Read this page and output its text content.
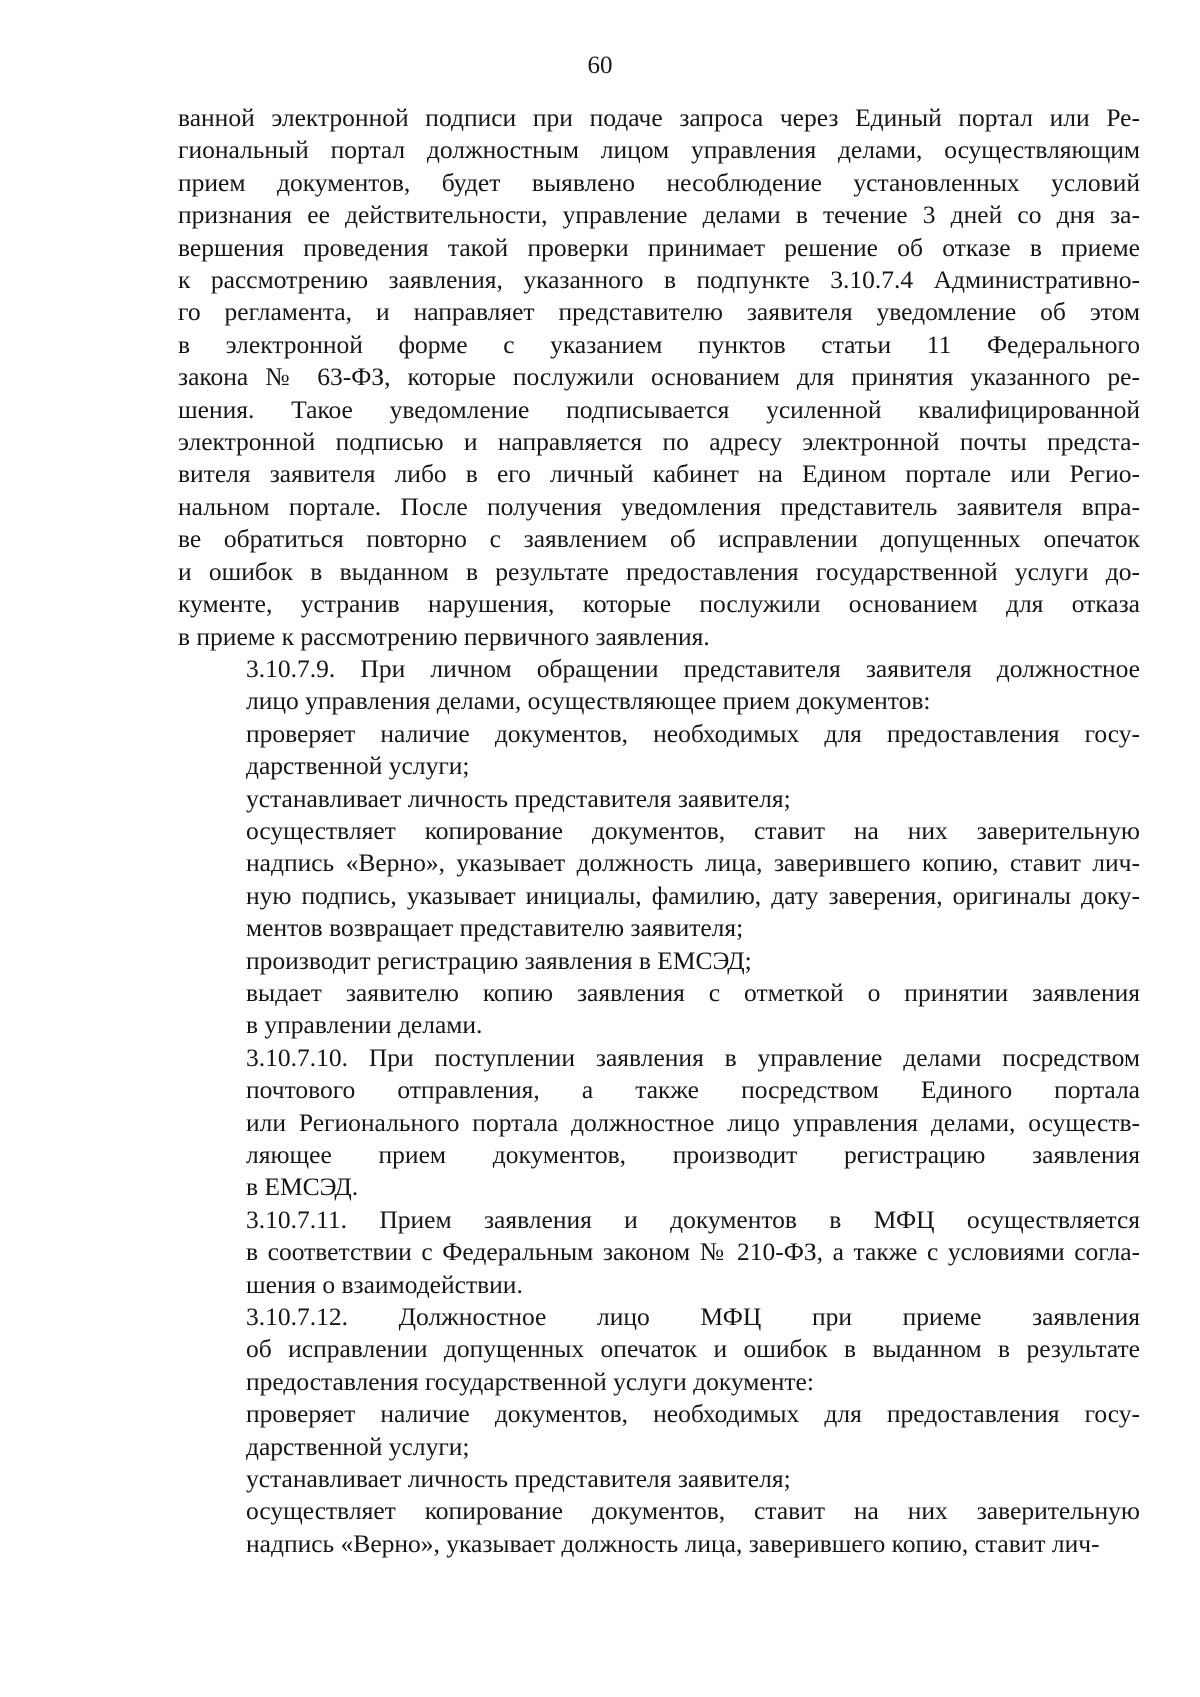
60

ванной электронной подписи при подаче запроса через Единый портал или Ре-
гиональный портал должностным лицом управления делами, осуществляющим
прием документов, будет выявлено несоблюдение установленных условий
признания ее действительности, управление делами в течение 3 дней со дня за-
вершения проведения такой проверки принимает решение об отказе в приеме
к рассмотрению заявления, указанного в подпункте 3.10.7.4 Административно-
го регламента, и направляет представителю заявителя уведомление об этом
в электронной форме с указанием пунктов статьи 11 Федерального
закона № 63-ФЗ, которые послужили основанием для принятия указанного ре-
шения. Такое уведомление подписывается усиленной квалифицированной
электронной подписью и направляется по адресу электронной почты предста-
вителя заявителя либо в его личный кабинет на Едином портале или Регио-
нальном портале. После получения уведомления представитель заявителя впра-
ве обратиться повторно с заявлением об исправлении допущенных опечаток
и ошибок в выданном в результате предоставления государственной услуги до-
кументе, устранив нарушения, которые послужили основанием для отказа
в приеме к рассмотрению первичного заявления.

3.10.7.9. При личном обращении представителя заявителя должностное
лицо управления делами, осуществляющее прием документов:

проверяет наличие документов, необходимых для предоставления госу-
дарственной услуги;

устанавливает личность представителя заявителя;

осуществляет копирование документов, ставит на них заверительную
надпись «Верно», указывает должность лица, заверившего копию, ставит лич-
ную подпись, указывает инициалы, фамилию, дату заверения, оригиналы доку-
ментов возвращает представителю заявителя;

производит регистрацию заявления в ЕМСЭД;

выдает заявителю копию заявления с отметкой о принятии заявления
в управлении делами.

3.10.7.10. При поступлении заявления в управление делами посредством
почтового отправления, а также посредством Единого портала
или Регионального портала должностное лицо управления делами, осуществ-
ляющее прием документов, производит регистрацию заявления
в ЕМСЭД.

3.10.7.11. Прием заявления и документов в МФЦ осуществляется
в соответствии с Федеральным законом № 210-ФЗ, а также с условиями согла-
шения о взаимодействии.

3.10.7.12. Должностное лицо МФЦ при приеме заявления
об исправлении допущенных опечаток и ошибок в выданном в результате
предоставления государственной услуги документе:

проверяет наличие документов, необходимых для предоставления госу-
дарственной услуги;

устанавливает личность представителя заявителя;

осуществляет копирование документов, ставит на них заверительную
надпись «Верно», указывает должность лица, заверившего копию, ставит лич-
